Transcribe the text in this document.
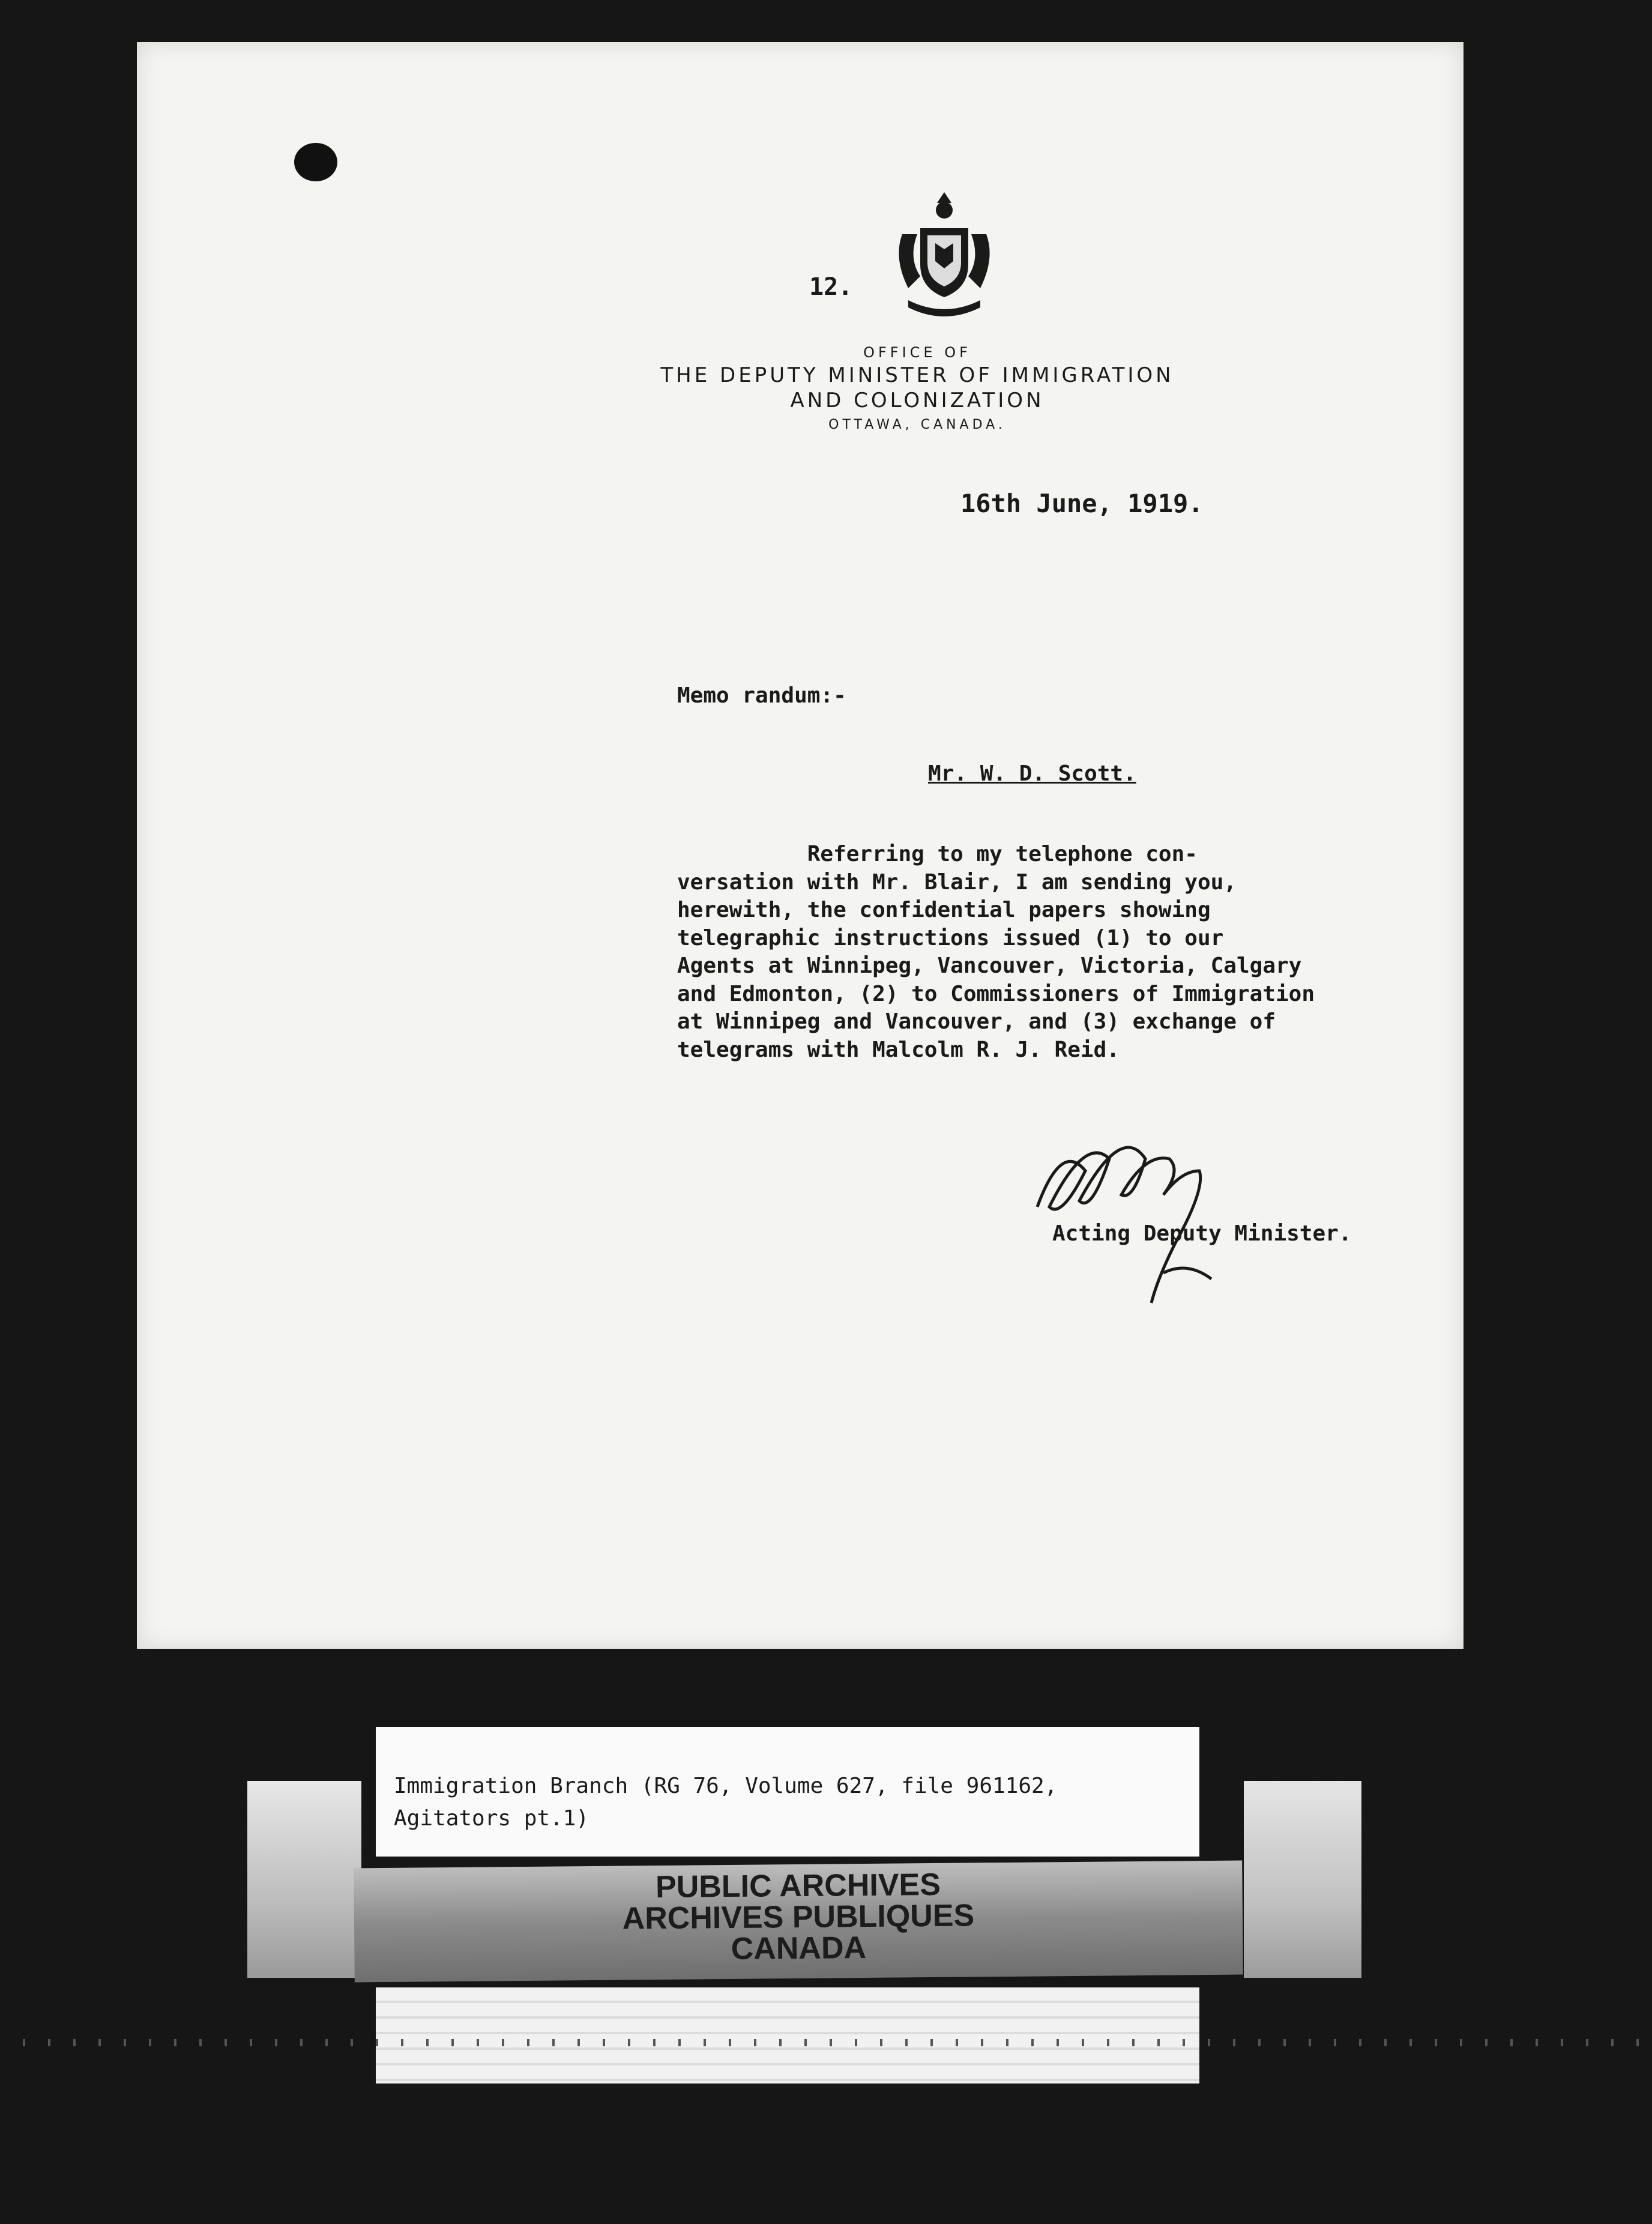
12.
OFFICE OF
THE DEPUTY MINISTER OF IMMIGRATION
AND COLONIZATION
OTTAWA, CANADA.
16th June, 1919.
Memo randum:-
Mr. W. D. Scott.
Referring to my telephone con-
versation with Mr. Blair, I am sending you,
herewith, the confidential papers showing
telegraphic instructions issued (1) to our
Agents at Winnipeg, Vancouver, Victoria, Calgary
and Edmonton, (2) to Commissioners of Immigration
at Winnipeg and Vancouver, and (3) exchange of
telegrams with Malcolm R. J. Reid.
Acting Deputy Minister.
Immigration Branch (RG 76, Volume 627, file 961162,
Agitators pt.1)
PUBLIC ARCHIVES
ARCHIVES PUBLIQUES
CANADA
